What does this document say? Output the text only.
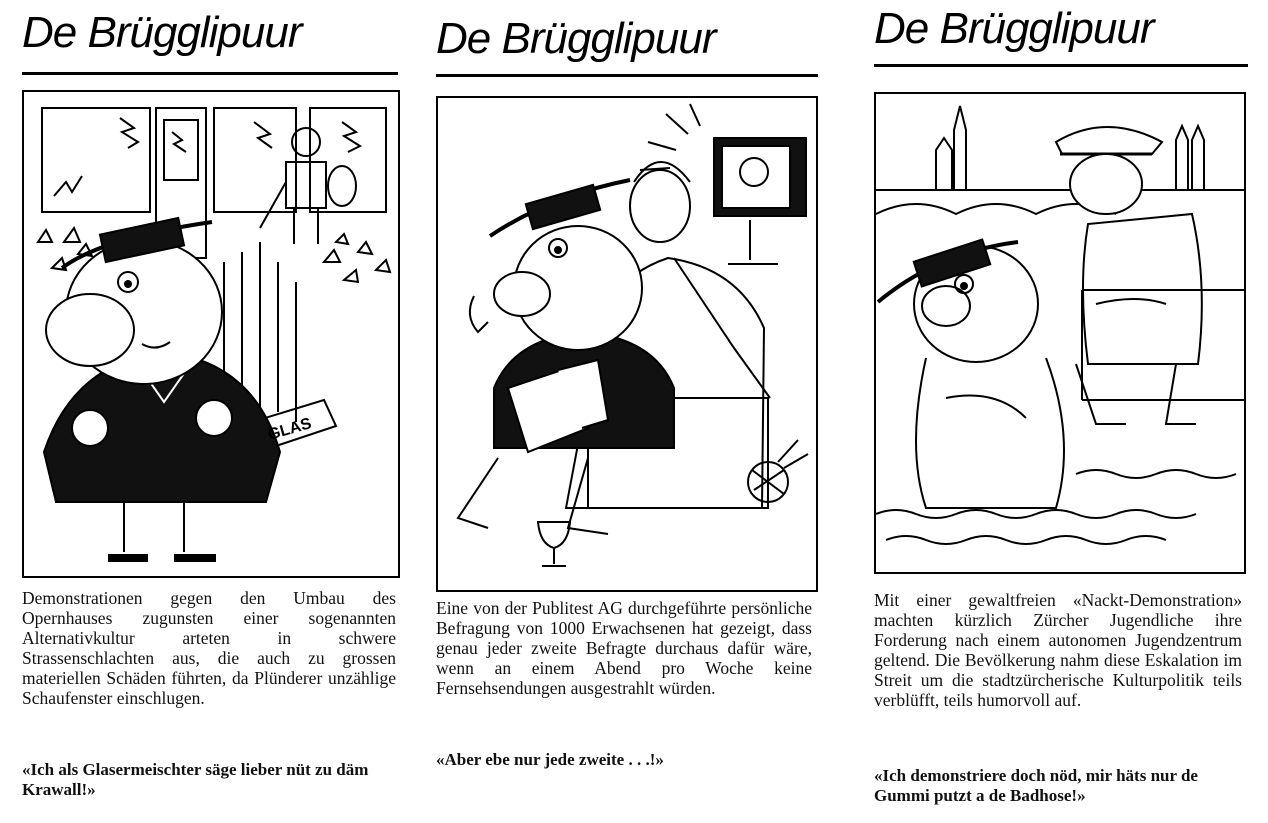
De Brügglipuur
GLAS
Demonstrationen gegen den Umbau des Opernhauses zugunsten einer sogenannten Alternativkultur arteten in schwere Strassenschlachten aus, die auch zu grossen materiellen Schäden führten, da Plünderer unzählige Schaufenster einschlugen.
«Ich als Glasermeischter säge lieber nüt zu däm Krawall!»
De Brügglipuur
Eine von der Publitest AG durchgeführte persönliche Befragung von 1000 Erwachsenen hat gezeigt, dass genau jeder zweite Befragte durchaus dafür wäre, wenn an einem Abend pro Woche keine Fernsehsendungen ausgestrahlt würden.
«Aber ebe nur jede zweite . . .!»
De Brügglipuur
Mit einer gewaltfreien «Nackt-Demonstration» machten kürzlich Zürcher Jugendliche ihre Forderung nach einem autonomen Jugendzentrum geltend. Die Bevölkerung nahm diese Eskalation im Streit um die stadtzürcherische Kulturpolitik teils verblüfft, teils humorvoll auf.
«Ich demonstriere doch nöd, mir häts nur de Gummi putzt a de Badhose!»
